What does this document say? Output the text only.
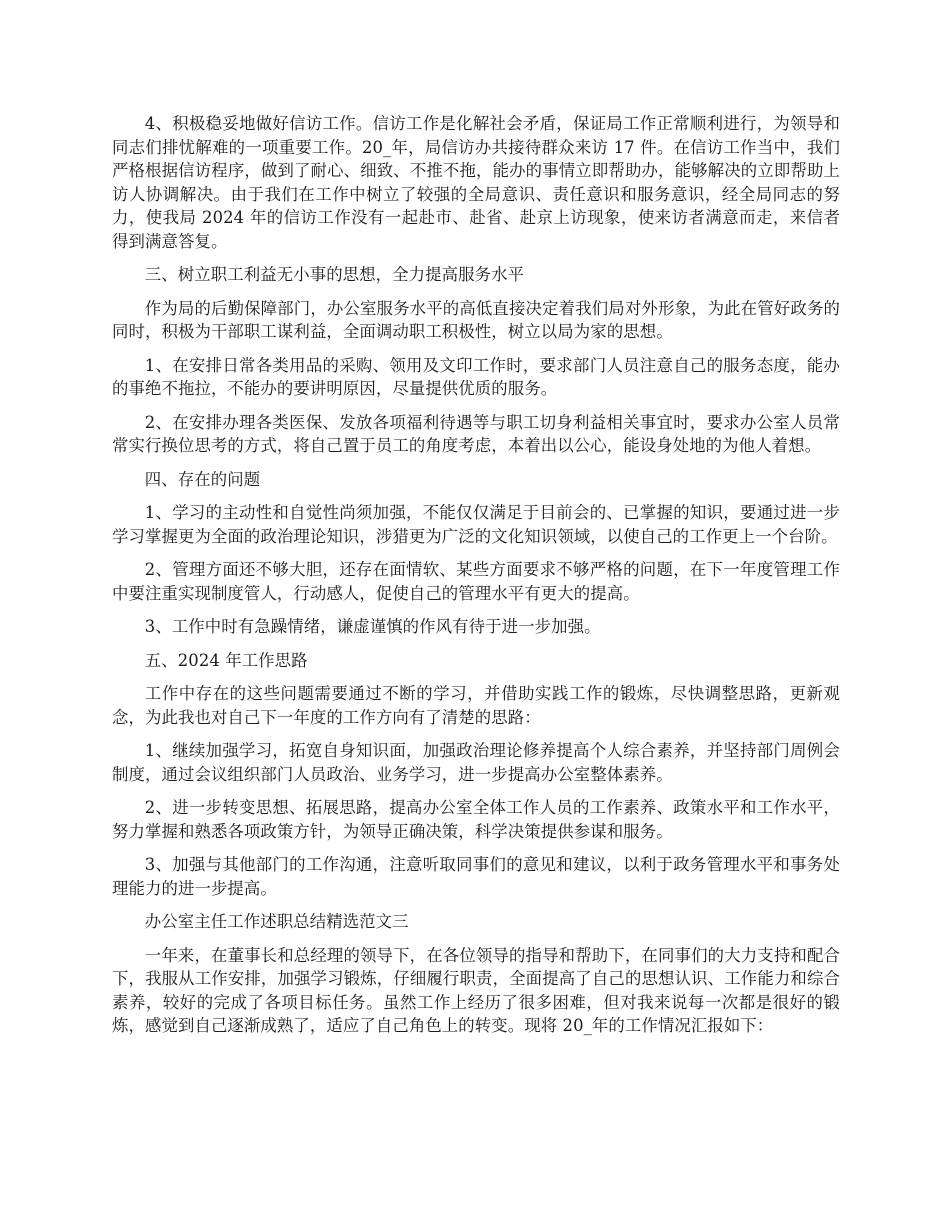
4、积极稳妥地做好信访工作。信访工作是化解社会矛盾，保证局工作正常顺利进行，为领导和同志们排忧解难的一项重要工作。20_年，局信访办共接待群众来访 17 件。在信访工作当中，我们严格根据信访程序，做到了耐心、细致、不推不拖，能办的事情立即帮助办，能够解决的立即帮助上访人协调解决。由于我们在工作中树立了较强的全局意识、责任意识和服务意识，经全局同志的努力，使我局 2024 年的信访工作没有一起赴市、赴省、赴京上访现象，使来访者满意而走，来信者得到满意答复。

三、树立职工利益无小事的思想，全力提高服务水平

作为局的后勤保障部门，办公室服务水平的高低直接决定着我们局对外形象，为此在管好政务的同时，积极为干部职工谋利益，全面调动职工积极性，树立以局为家的思想。

1、在安排日常各类用品的采购、领用及文印工作时，要求部门人员注意自己的服务态度，能办的事绝不拖拉，不能办的要讲明原因，尽量提供优质的服务。

2、在安排办理各类医保、发放各项福利待遇等与职工切身利益相关事宜时，要求办公室人员常常实行换位思考的方式，将自己置于员工的角度考虑，本着出以公心，能设身处地的为他人着想。

四、存在的问题

1、学习的主动性和自觉性尚须加强，不能仅仅满足于目前会的、已掌握的知识，要通过进一步学习掌握更为全面的政治理论知识，涉猎更为广泛的文化知识领域，以使自己的工作更上一个台阶。

2、管理方面还不够大胆，还存在面情软、某些方面要求不够严格的问题，在下一年度管理工作中要注重实现制度管人，行动感人，促使自己的管理水平有更大的提高。

3、工作中时有急躁情绪，谦虚谨慎的作风有待于进一步加强。

五、2024 年工作思路

工作中存在的这些问题需要通过不断的学习，并借助实践工作的锻炼，尽快调整思路，更新观念，为此我也对自己下一年度的工作方向有了清楚的思路：

1、继续加强学习，拓宽自身知识面，加强政治理论修养提高个人综合素养，并坚持部门周例会制度，通过会议组织部门人员政治、业务学习，进一步提高办公室整体素养。

2、进一步转变思想、拓展思路，提高办公室全体工作人员的工作素养、政策水平和工作水平，努力掌握和熟悉各项政策方针，为领导正确决策，科学决策提供参谋和服务。

3、加强与其他部门的工作沟通，注意听取同事们的意见和建议，以利于政务管理水平和事务处理能力的进一步提高。

办公室主任工作述职总结精选范文三

一年来，在董事长和总经理的领导下，在各位领导的指导和帮助下，在同事们的大力支持和配合下，我服从工作安排，加强学习锻炼，仔细履行职责，全面提高了自己的思想认识、工作能力和综合素养，较好的完成了各项目标任务。虽然工作上经历了很多困难，但对我来说每一次都是很好的锻炼，感觉到自己逐渐成熟了，适应了自己角色上的转变。现将 20_年的工作情况汇报如下：
